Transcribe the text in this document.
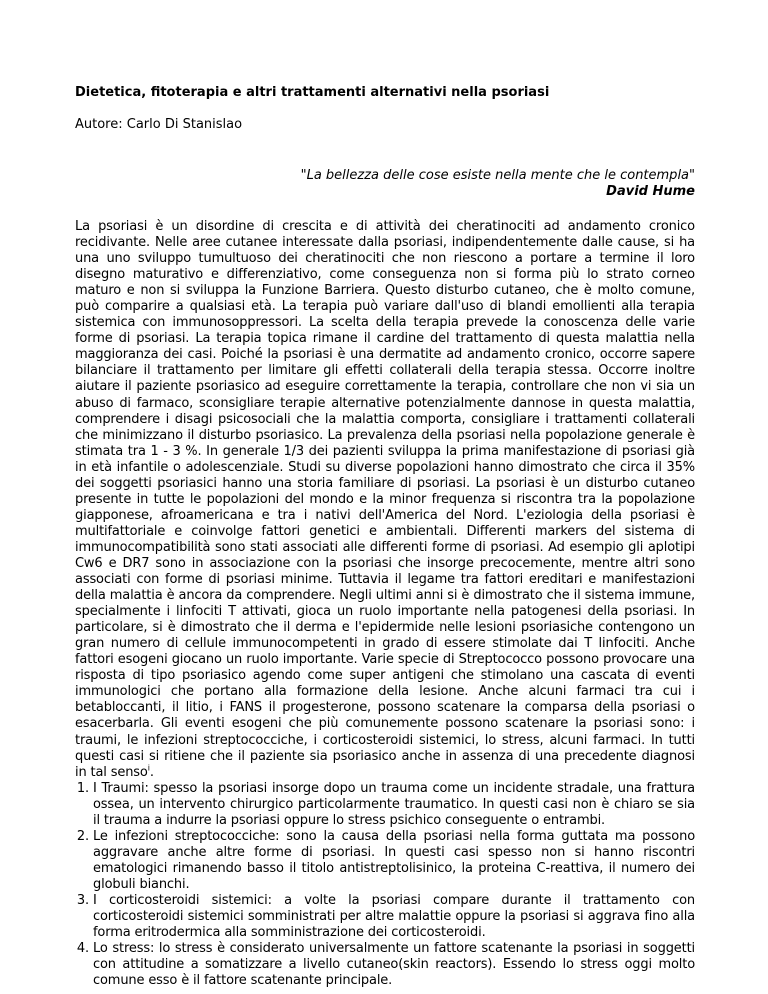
Dietetica, fitoterapia e altri trattamenti alternativi nella psoriasi
Autore: Carlo Di Stanislao
"La bellezza delle cose esiste nella mente che le contempla"
David Hume

La psoriasi è un disordine di crescita e di attività dei cheratinociti ad andamento cronico recidivante. Nelle aree cutanee interessate dalla psoriasi, indipendentemente dalle cause, si ha una uno sviluppo tumultuoso dei cheratinociti che non riescono a portare a termine il loro disegno maturativo e differenziativo, come conseguenza non si forma più lo strato corneo maturo e non si sviluppa la Funzione Barriera. Questo disturbo cutaneo, che è molto comune, può comparire a qualsiasi età. La terapia può variare dall'uso di blandi emollienti alla terapia sistemica con immunosoppressori. La scelta della terapia prevede la conoscenza delle varie forme di psoriasi. La terapia topica rimane il cardine del trattamento di questa malattia nella maggioranza dei casi. Poiché la psoriasi è una dermatite ad andamento cronico, occorre sapere bilanciare il trattamento per limitare gli effetti collaterali della terapia stessa. Occorre inoltre aiutare il paziente psoriasico ad eseguire correttamente la terapia, controllare che non vi sia un abuso di farmaco, sconsigliare terapie alternative potenzialmente dannose in questa malattia, comprendere i disagi psicosociali che la malattia comporta, consigliare i trattamenti collaterali che minimizzano il disturbo psoriasico. La prevalenza della psoriasi nella popolazione generale è stimata tra 1 - 3 %. In generale 1/3 dei pazienti sviluppa la prima manifestazione di psoriasi già in età infantile o adolescenziale. Studi su diverse popolazioni hanno dimostrato che circa il 35% dei soggetti psoriasici hanno una storia familiare di psoriasi. La psoriasi è un disturbo cutaneo presente in tutte le popolazioni del mondo e la minor frequenza si riscontra tra la popolazione giapponese, afroamericana e tra i nativi dell'America del Nord. L'eziologia della psoriasi è multifattoriale e coinvolge fattori genetici e ambientali. Differenti markers del sistema di immunocompatibilità sono stati associati alle differenti forme di psoriasi. Ad esempio gli aplotipi Cw6 e DR7 sono in associazione con la psoriasi che insorge precocemente, mentre altri sono associati con forme di psoriasi minime. Tuttavia il legame tra fattori ereditari e manifestazioni della malattia è ancora da comprendere. Negli ultimi anni si è dimostrato che il sistema immune, specialmente i linfociti T attivati, gioca un ruolo importante nella patogenesi della psoriasi. In particolare, si è dimostrato che il derma e l'epidermide nelle lesioni psoriasiche contengono un gran numero di cellule immunocompetenti in grado di essere stimolate dai T linfociti. Anche fattori esogeni giocano un ruolo importante. Varie specie di Streptococco possono provocare una risposta di tipo psoriasico agendo come super antigeni che stimolano una cascata di eventi immunologici che portano alla formazione della lesione. Anche alcuni farmaci tra cui i betabloccanti, il litio, i FANS il progesterone, possono scatenare la comparsa della psoriasi o esacerbarla. Gli eventi esogeni che più comunemente possono scatenare la psoriasi sono: i traumi, le infezioni streptococciche, i corticosteroidi sistemici, lo stress, alcuni farmaci. In tutti questi casi si ritiene che il paziente sia psoriasico anche in assenza di una precedente diagnosi in tal senso$^i$.

1. I Traumi: spesso la psoriasi insorge dopo un trauma come un incidente stradale, una frattura ossea, un intervento chirurgico particolarmente traumatico. In questi casi non è chiaro se sia il trauma a indurre la psoriasi oppure lo stress psichico conseguente o entrambi.
2. Le infezioni streptococciche: sono la causa della psoriasi nella forma guttata ma possono aggravare anche altre forme di psoriasi. In questi casi spesso non si hanno riscontri ematologici rimanendo basso il titolo antistreptolisinico, la proteina C-reattiva, il numero dei globuli bianchi.
3. I corticosteroidi sistemici: a volte la psoriasi compare durante il trattamento con corticosteroidi sistemici somministrati per altre malattie oppure la psoriasi si aggrava fino alla forma eritrodermica alla somministrazione dei corticosteroidi.
4. Lo stress: lo stress è considerato universalmente un fattore scatenante la psoriasi in soggetti con attitudine a somatizzare a livello cutaneo(skin reactors). Essendo lo stress oggi molto comune esso è il fattore scatenante principale.
